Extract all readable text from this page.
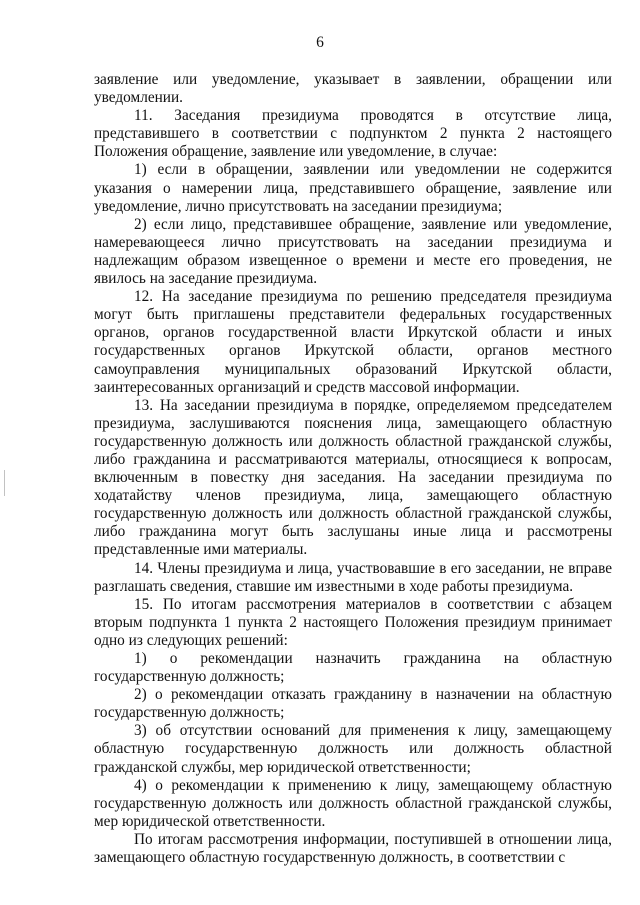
6

заявление или уведомление, указывает в заявлении, обращении или уведомлении.

11. Заседания президиума проводятся в отсутствие лица, представившего в соответствии с подпунктом 2 пункта 2 настоящего Положения обращение, заявление или уведомление, в случае:

1) если в обращении, заявлении или уведомлении не содержится указания о намерении лица, представившего обращение, заявление или уведомление, лично присутствовать на заседании президиума;

2) если лицо, представившее обращение, заявление или уведомление, намеревающееся лично присутствовать на заседании президиума и надлежащим образом извещенное о времени и месте его проведения, не явилось на заседание президиума.

12. На заседание президиума по решению председателя президиума могут быть приглашены представители федеральных государственных органов, органов государственной власти Иркутской области и иных государственных органов Иркутской области, органов местного самоуправления муниципальных образований Иркутской области, заинтересованных организаций и средств массовой информации.

13. На заседании президиума в порядке, определяемом председателем президиума, заслушиваются пояснения лица, замещающего областную государственную должность или должность областной гражданской службы, либо гражданина и рассматриваются материалы, относящиеся к вопросам, включенным в повестку дня заседания. На заседании президиума по ходатайству членов президиума, лица, замещающего областную государственную должность или должность областной гражданской службы, либо гражданина могут быть заслушаны иные лица и рассмотрены представленные ими материалы.

14. Члены президиума и лица, участвовавшие в его заседании, не вправе разглашать сведения, ставшие им известными в ходе работы президиума.

15. По итогам рассмотрения материалов в соответствии с абзацем вторым подпункта 1 пункта 2 настоящего Положения президиум принимает одно из следующих решений:

1) о рекомендации назначить гражданина на областную государственную должность;

2) о рекомендации отказать гражданину в назначении на областную государственную должность;

3) об отсутствии оснований для применения к лицу, замещающему областную государственную должность или должность областной гражданской службы, мер юридической ответственности;

4) о рекомендации к применению к лицу, замещающему областную государственную должность или должность областной гражданской службы, мер юридической ответственности.

По итогам рассмотрения информации, поступившей в отношении лица, замещающего областную государственную должность, в соответствии с
